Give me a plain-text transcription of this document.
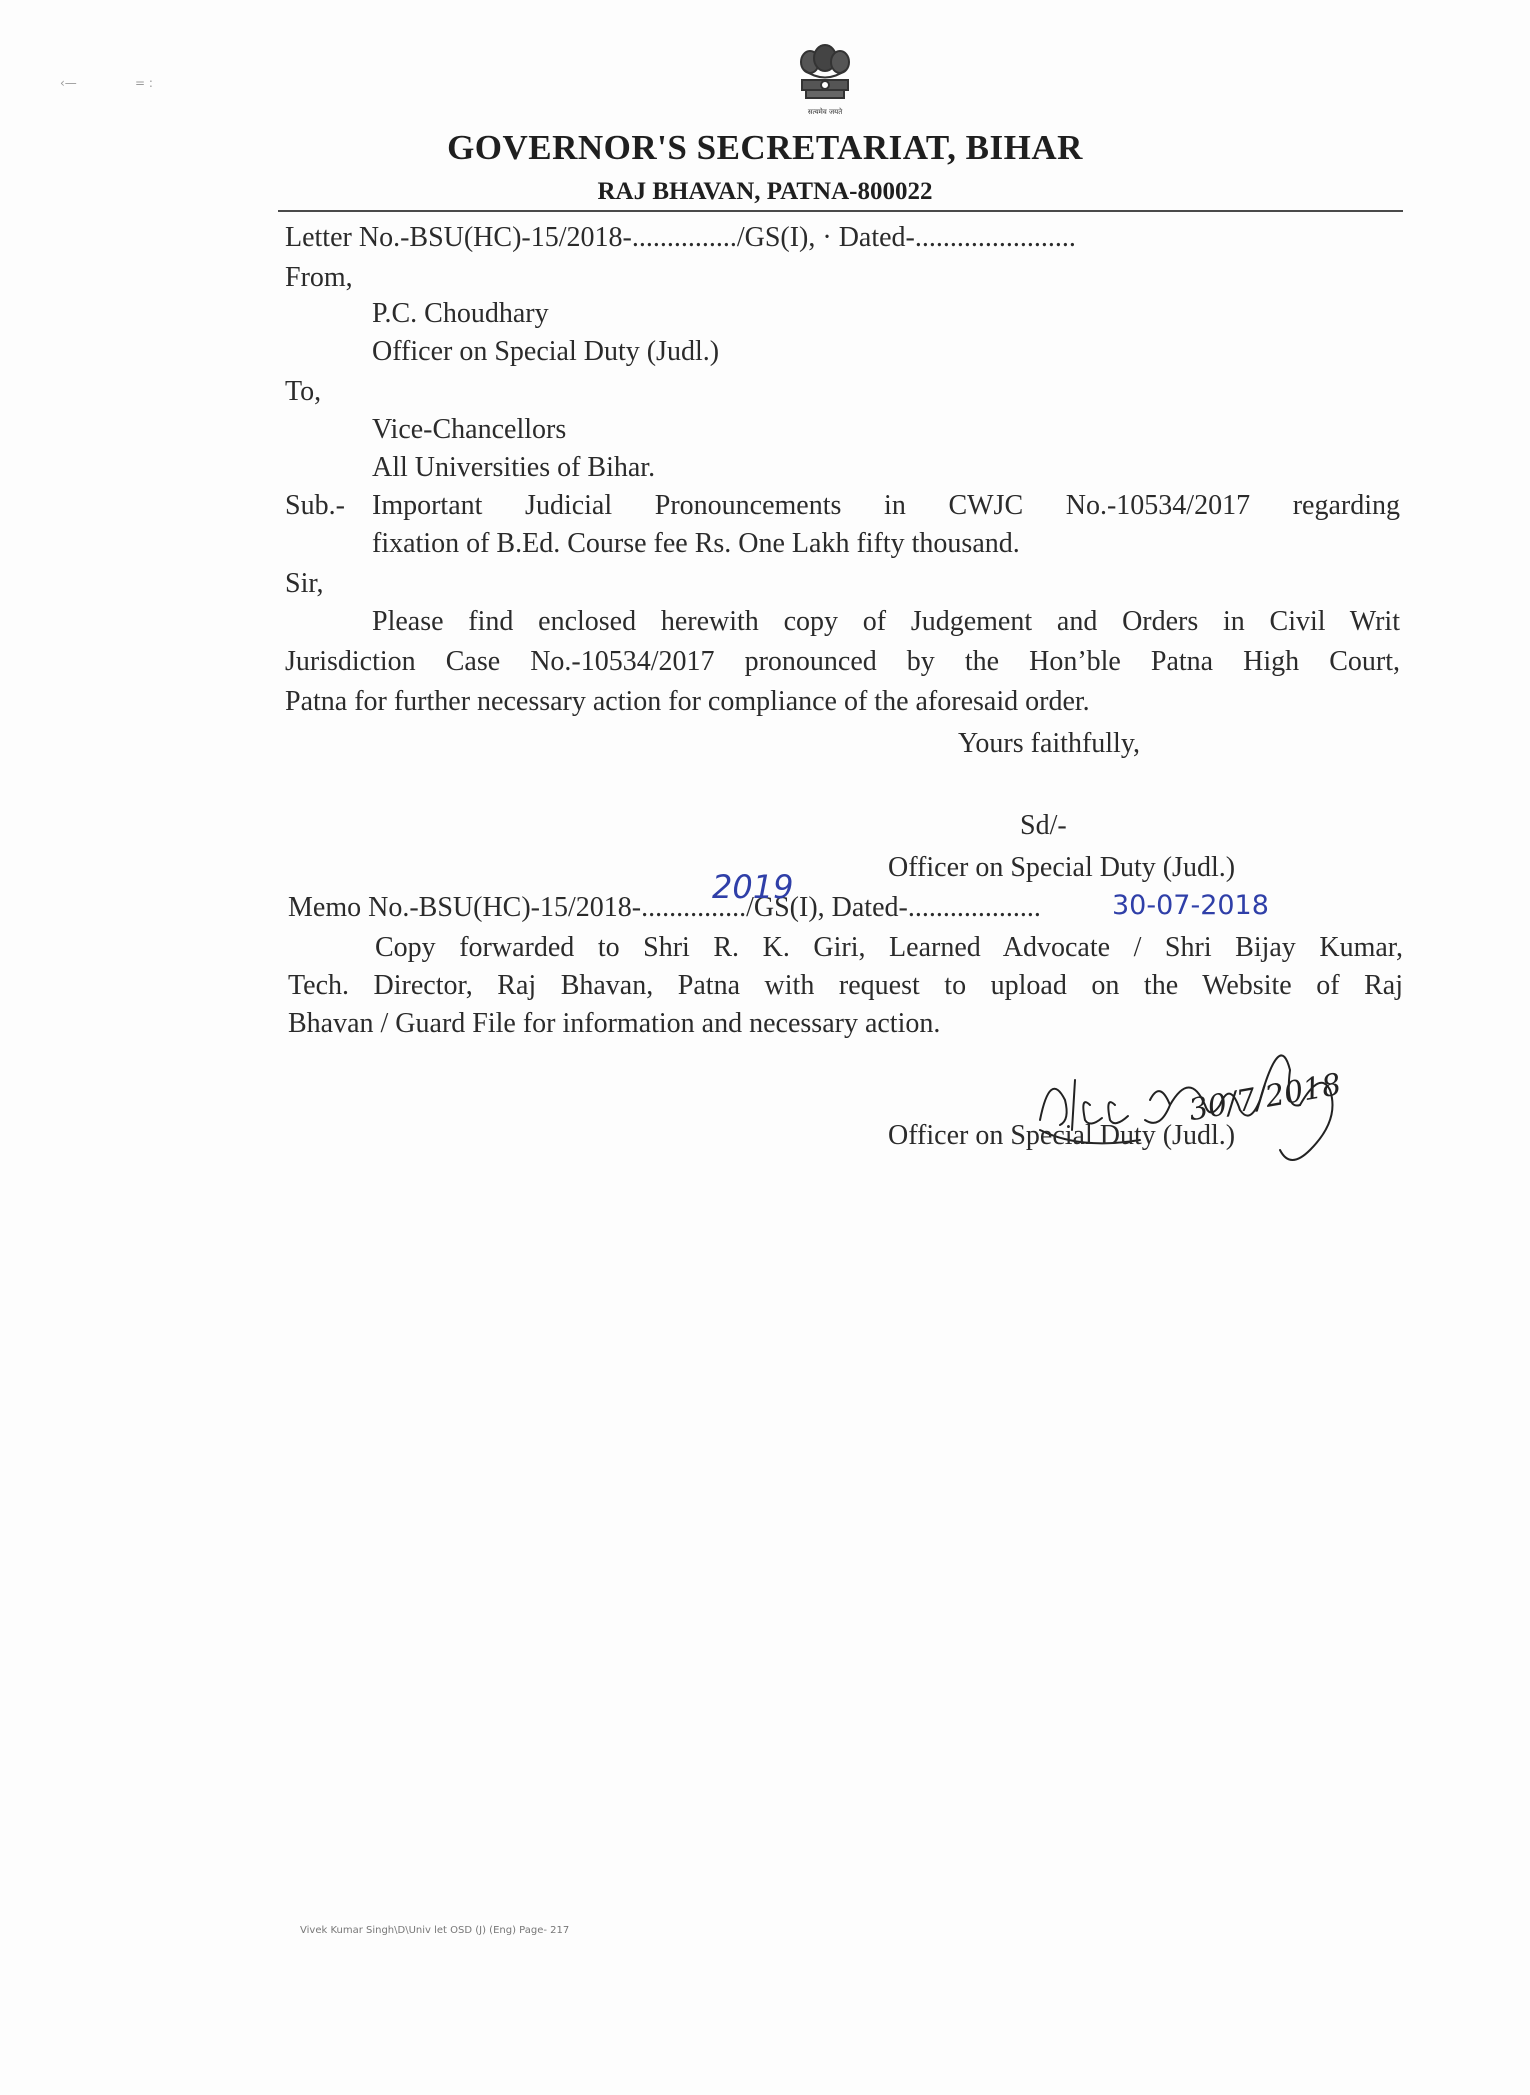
‹—	= :
सत्यमेव जयते
GOVERNOR'S SECRETARIAT, BIHAR
RAJ BHAVAN, PATNA-800022
Letter No.-BSU(HC)-15/2018-.............../GS(I), · Dated-.......................
From,
P.C. Choudhary
Officer on Special Duty (Judl.)
To,
Vice-Chancellors
All Universities of Bihar.
Sub.- Important Judicial Pronouncements in CWJC No.-10534/2017 regarding
fixation of B.Ed. Course fee Rs. One Lakh fifty thousand.
Sir,
Please find enclosed herewith copy of Judgement and Orders in Civil Writ
Jurisdiction Case No.-10534/2017 pronounced by the Hon’ble Patna High Court,
Patna for further necessary action for compliance of the aforesaid order.
Yours faithfully,
Sd/-
Officer on Special Duty (Judl.)
Memo No.-BSU(HC)-15/2018-.............../GS(I), Dated-...................
2019	30-07-2018
Copy forwarded to Shri R. K. Giri, Learned Advocate / Shri Bijay Kumar,
Tech. Director, Raj Bhavan, Patna with request to upload on the Website of Raj
Bhavan / Guard File for information and necessary action.
30/7/2018
Officer on Special Duty (Judl.)
Vivek Kumar Singh\D\Univ let OSD (J) (Eng) Page- 217
